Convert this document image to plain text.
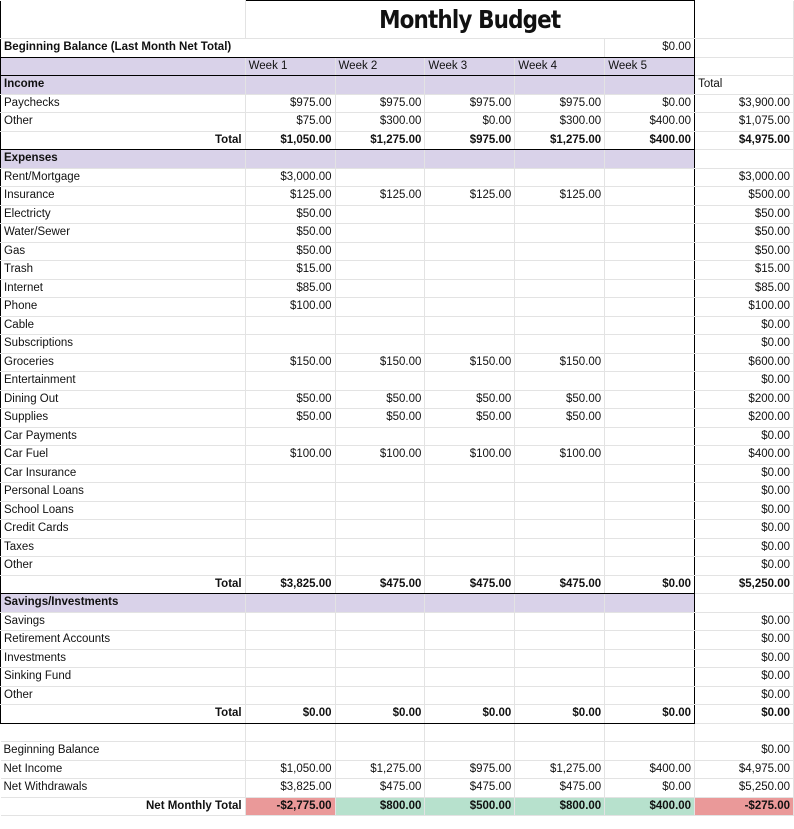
	Monthly Budget					
Beginning Balance (Last Month Net Total)					$0.00	
	Week 1	Week 2	Week 3	Week 4	Week 5	
Income						Total
Paychecks	$975.00	$975.00	$975.00	$975.00	$0.00	$3,900.00
Other	$75.00	$300.00	$0.00	$300.00	$400.00	$1,075.00
Total	$1,050.00	$1,275.00	$975.00	$1,275.00	$400.00	$4,975.00
Expenses						
Rent/Mortgage	$3,000.00					$3,000.00
Insurance	$125.00	$125.00	$125.00	$125.00		$500.00
Electricty	$50.00					$50.00
Water/Sewer	$50.00					$50.00
Gas	$50.00					$50.00
Trash	$15.00					$15.00
Internet	$85.00					$85.00
Phone	$100.00					$100.00
Cable						$0.00
Subscriptions						$0.00
Groceries	$150.00	$150.00	$150.00	$150.00		$600.00
Entertainment						$0.00
Dining Out	$50.00	$50.00	$50.00	$50.00		$200.00
Supplies	$50.00	$50.00	$50.00	$50.00		$200.00
Car Payments						$0.00
Car Fuel	$100.00	$100.00	$100.00	$100.00		$400.00
Car Insurance						$0.00
Personal Loans						$0.00
School Loans						$0.00
Credit Cards						$0.00
Taxes						$0.00
Other						$0.00
Total	$3,825.00	$475.00	$475.00	$475.00	$0.00	$5,250.00
Savings/Investments						
Savings						$0.00
Retirement Accounts						$0.00
Investments						$0.00
Sinking Fund						$0.00
Other						$0.00
Total	$0.00	$0.00	$0.00	$0.00	$0.00	$0.00

Beginning Balance						$0.00
Net Income	$1,050.00	$1,275.00	$975.00	$1,275.00	$400.00	$4,975.00
Net Withdrawals	$3,825.00	$475.00	$475.00	$475.00	$0.00	$5,250.00
Net Monthly Total	-$2,775.00	$800.00	$500.00	$800.00	$400.00	-$275.00
